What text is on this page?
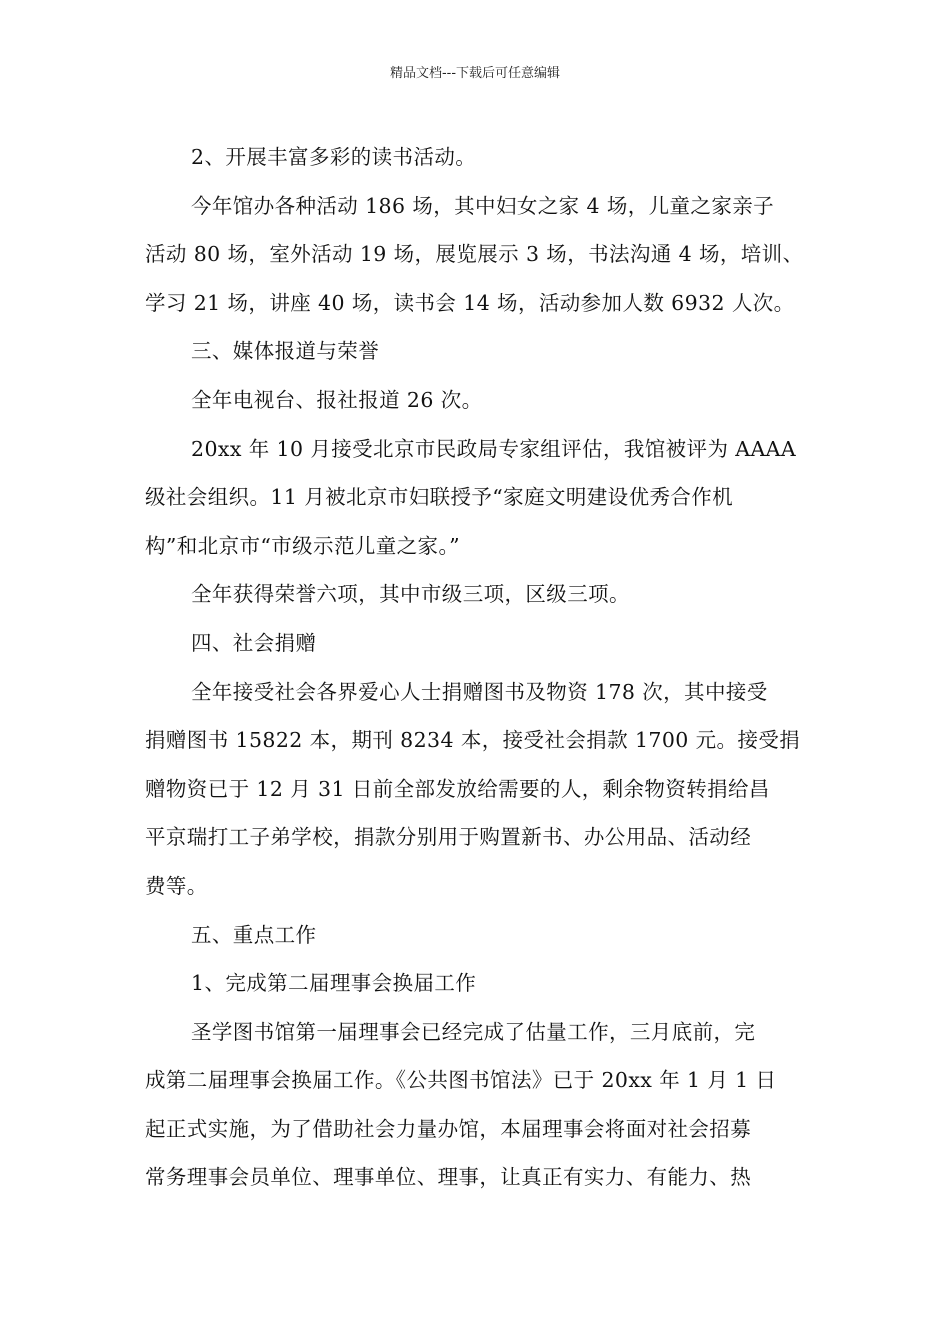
精品文档---下载后可任意编辑

2、开展丰富多彩的读书活动。

今年馆办各种活动 186 场，其中妇女之家 4 场，儿童之家亲子
活动 80 场，室外活动 19 场，展览展示 3 场，书法沟通 4 场，培训、
学习 21 场，讲座 40 场，读书会 14 场，活动参加人数 6932 人次。

三、媒体报道与荣誉

全年电视台、报社报道 26 次。

20xx 年 10 月接受北京市民政局专家组评估，我馆被评为 AAAA
级社会组织。11 月被北京市妇联授予“家庭文明建设优秀合作机
构”和北京市“市级示范儿童之家。”

全年获得荣誉六项，其中市级三项，区级三项。

四、社会捐赠

全年接受社会各界爱心人士捐赠图书及物资 178 次，其中接受
捐赠图书 15822 本，期刊 8234 本，接受社会捐款 1700 元。接受捐
赠物资已于 12 月 31 日前全部发放给需要的人，剩余物资转捐给昌
平京瑞打工子弟学校，捐款分别用于购置新书、办公用品、活动经
费等。

五、重点工作

1、完成第二届理事会换届工作

圣学图书馆第一届理事会已经完成了估量工作，三月底前，完
成第二届理事会换届工作。《公共图书馆法》已于 20xx 年 1 月 1 日
起正式实施，为了借助社会力量办馆，本届理事会将面对社会招募
常务理事会员单位、理事单位、理事，让真正有实力、有能力、热
